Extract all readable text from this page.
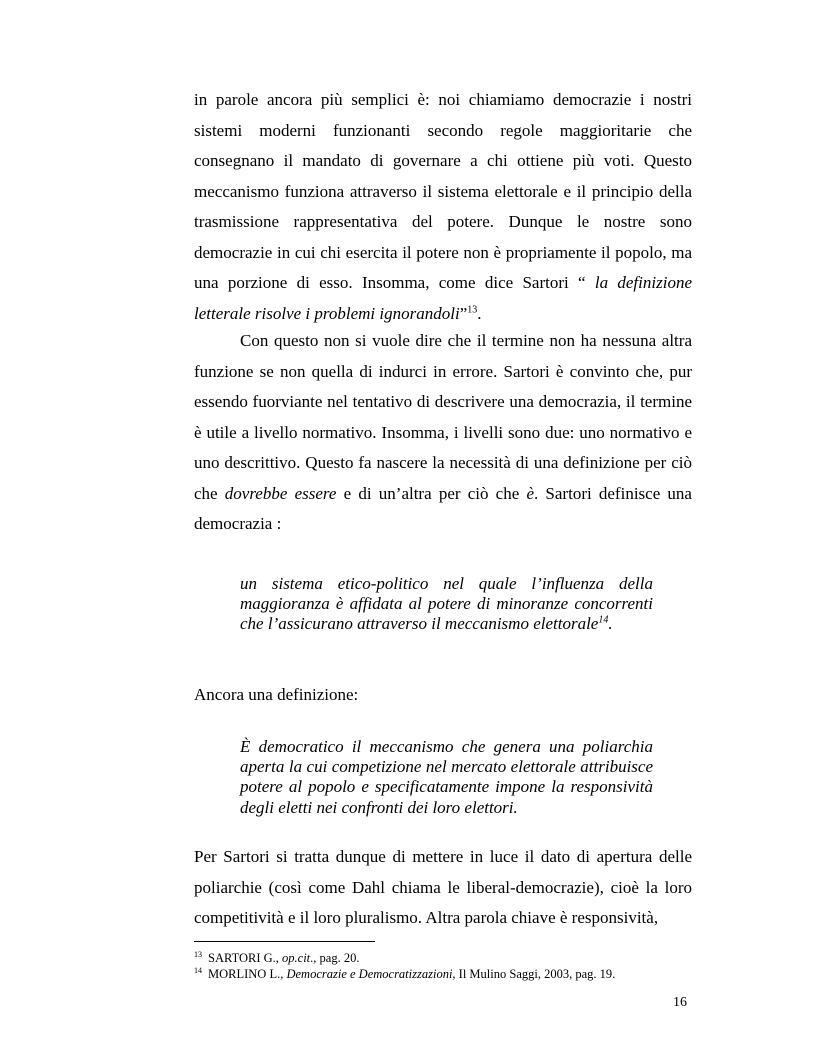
in parole ancora più semplici è: noi chiamiamo democrazie i nostri sistemi moderni funzionanti secondo regole maggioritarie che consegnano il mandato di governare a chi ottiene più voti. Questo meccanismo funziona attraverso il sistema elettorale e il principio della trasmissione rappresentativa del potere. Dunque le nostre sono democrazie in cui chi esercita il potere non è propriamente il popolo, ma una porzione di esso. Insomma, come dice Sartori “ la definizione letterale risolve i problemi ignorandoli”$^{13}$.
Con questo non si vuole dire che il termine non ha nessuna altra funzione se non quella di indurci in errore. Sartori è convinto che, pur essendo fuorviante nel tentativo di descrivere una democrazia, il termine è utile a livello normativo. Insomma, i livelli sono due: uno normativo e uno descrittivo. Questo fa nascere la necessità di una definizione per ciò che dovrebbe essere e di un’altra per ciò che è. Sartori definisce una democrazia :
un sistema etico-politico nel quale l’influenza della maggioranza è affidata al potere di minoranze concorrenti che l’assicurano attraverso il meccanismo elettorale$^{14}$.
Ancora una definizione:
È democratico il meccanismo che genera una poliarchia aperta la cui competizione nel mercato elettorale attribuisce potere al popolo e specificatamente impone la responsività degli eletti nei confronti dei loro elettori.
Per Sartori si tratta dunque di mettere in luce il dato di apertura delle poliarchie (così come Dahl chiama le liberal-democrazie), cioè la loro competitività e il loro pluralismo. Altra parola chiave è responsività,
$^{13}$ SARTORI G., op.cit., pag. 20.
$^{14}$ MORLINO L., Democrazie e Democratizzazioni, Il Mulino Saggi, 2003, pag. 19.
16
